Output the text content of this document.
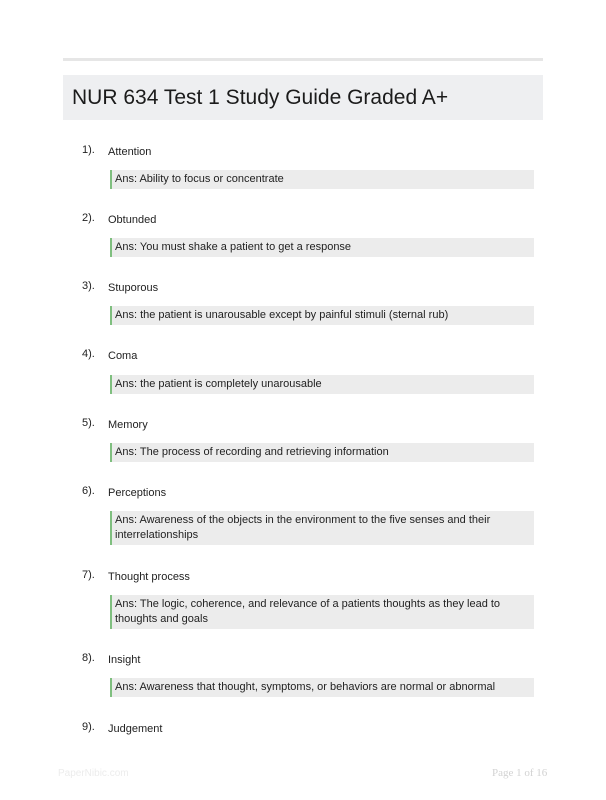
NUR 634 Test 1 Study Guide Graded A+
1). Attention
Ans: Ability to focus or concentrate
2). Obtunded
Ans: You must shake a patient to get a response
3). Stuporous
Ans: the patient is unarousable except by painful stimuli (sternal rub)
4). Coma
Ans: the patient is completely unarousable
5). Memory
Ans: The process of recording and retrieving information
6). Perceptions
Ans: Awareness of the objects in the environment to the five senses and their interrelationships
7). Thought process
Ans: The logic, coherence, and relevance of a patients thoughts as they lead to thoughts and goals
8). Insight
Ans: Awareness that thought, symptoms, or behaviors are normal or abnormal
9). Judgement
PaperNibic.com	Page 1 of 16
